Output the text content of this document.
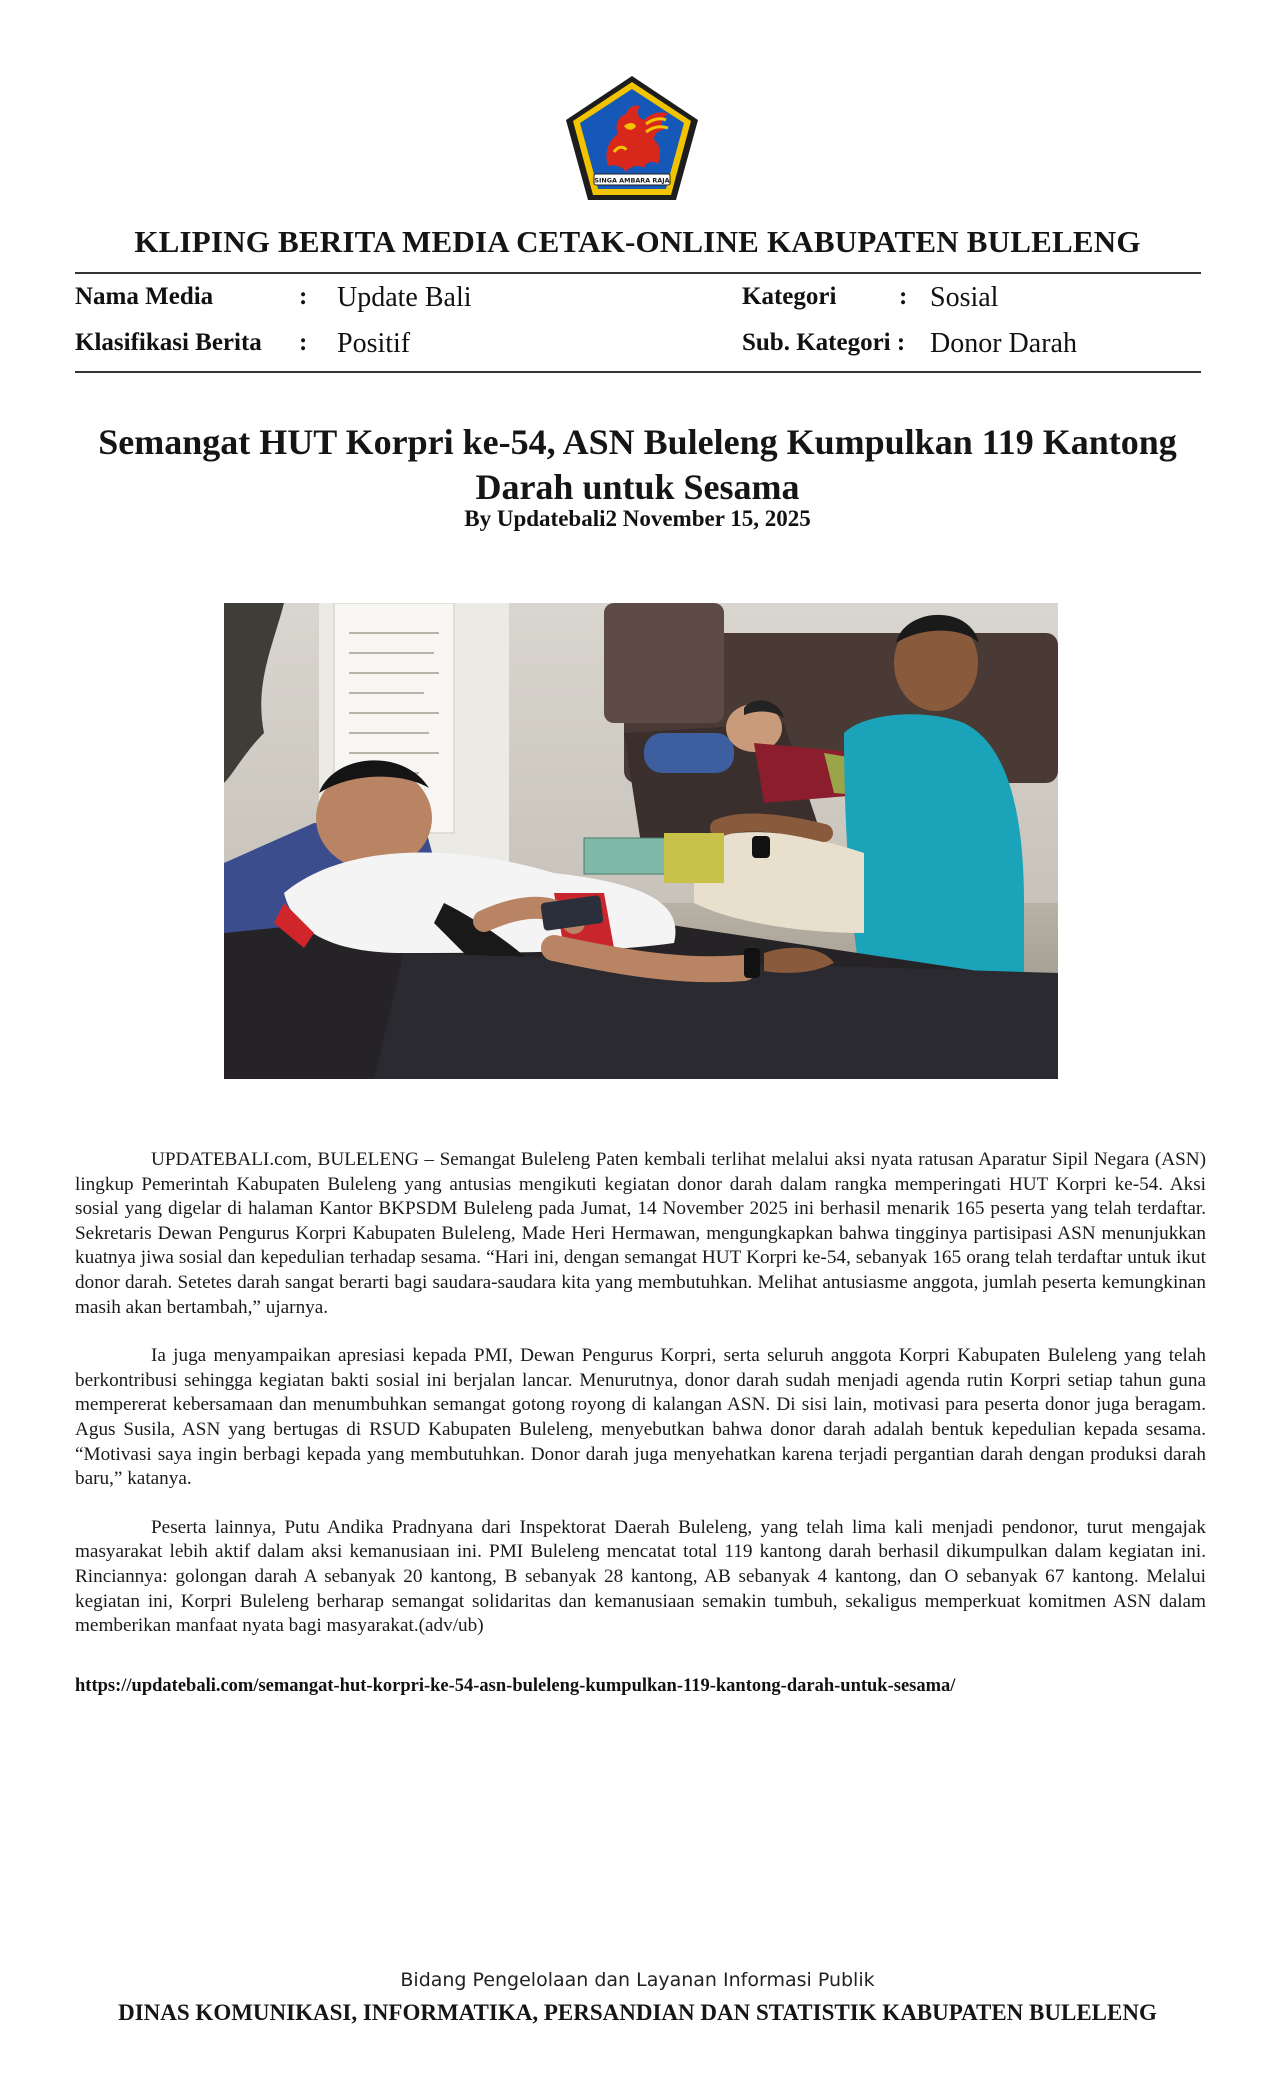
SINGA AMBARA RAJA
KLIPING BERITA MEDIA CETAK-ONLINE KABUPATEN BULELENG
Nama Media	: Update Bali	Kategori	: Sosial
Klasifikasi Berita : Positif	Sub. Kategori : Donor Darah
Semangat HUT Korpri ke-54, ASN Buleleng Kumpulkan 119 Kantong Darah untuk Sesama
By Updatebali2 November 15, 2025

UPDATEBALI.com, BULELENG – Semangat Buleleng Paten kembali terlihat melalui aksi nyata ratusan Aparatur Sipil Negara (ASN) lingkup Pemerintah Kabupaten Buleleng yang antusias mengikuti kegiatan donor darah dalam rangka memperingati HUT Korpri ke-54. Aksi sosial yang digelar di halaman Kantor BKPSDM Buleleng pada Jumat, 14 November 2025 ini berhasil menarik 165 peserta yang telah terdaftar. Sekretaris Dewan Pengurus Korpri Kabupaten Buleleng, Made Heri Hermawan, mengungkapkan bahwa tingginya partisipasi ASN menunjukkan kuatnya jiwa sosial dan kepedulian terhadap sesama. “Hari ini, dengan semangat HUT Korpri ke-54, sebanyak 165 orang telah terdaftar untuk ikut donor darah. Setetes darah sangat berarti bagi saudara-saudara kita yang membutuhkan. Melihat antusiasme anggota, jumlah peserta kemungkinan masih akan bertambah,” ujarnya.

Ia juga menyampaikan apresiasi kepada PMI, Dewan Pengurus Korpri, serta seluruh anggota Korpri Kabupaten Buleleng yang telah berkontribusi sehingga kegiatan bakti sosial ini berjalan lancar. Menurutnya, donor darah sudah menjadi agenda rutin Korpri setiap tahun guna mempererat kebersamaan dan menumbuhkan semangat gotong royong di kalangan ASN. Di sisi lain, motivasi para peserta donor juga beragam. Agus Susila, ASN yang bertugas di RSUD Kabupaten Buleleng, menyebutkan bahwa donor darah adalah bentuk kepedulian kepada sesama. “Motivasi saya ingin berbagi kepada yang membutuhkan. Donor darah juga menyehatkan karena terjadi pergantian darah dengan produksi darah baru,” katanya.

Peserta lainnya, Putu Andika Pradnyana dari Inspektorat Daerah Buleleng, yang telah lima kali menjadi pendonor, turut mengajak masyarakat lebih aktif dalam aksi kemanusiaan ini. PMI Buleleng mencatat total 119 kantong darah berhasil dikumpulkan dalam kegiatan ini. Rinciannya: golongan darah A sebanyak 20 kantong, B sebanyak 28 kantong, AB sebanyak 4 kantong, dan O sebanyak 67 kantong. Melalui kegiatan ini, Korpri Buleleng berharap semangat solidaritas dan kemanusiaan semakin tumbuh, sekaligus memperkuat komitmen ASN dalam memberikan manfaat nyata bagi masyarakat.(adv/ub)

https://updatebali.com/semangat-hut-korpri-ke-54-asn-buleleng-kumpulkan-119-kantong-darah-untuk-sesama/
Bidang Pengelolaan dan Layanan Informasi Publik
DINAS KOMUNIKASI, INFORMATIKA, PERSANDIAN DAN STATISTIK KABUPATEN BULELENG
